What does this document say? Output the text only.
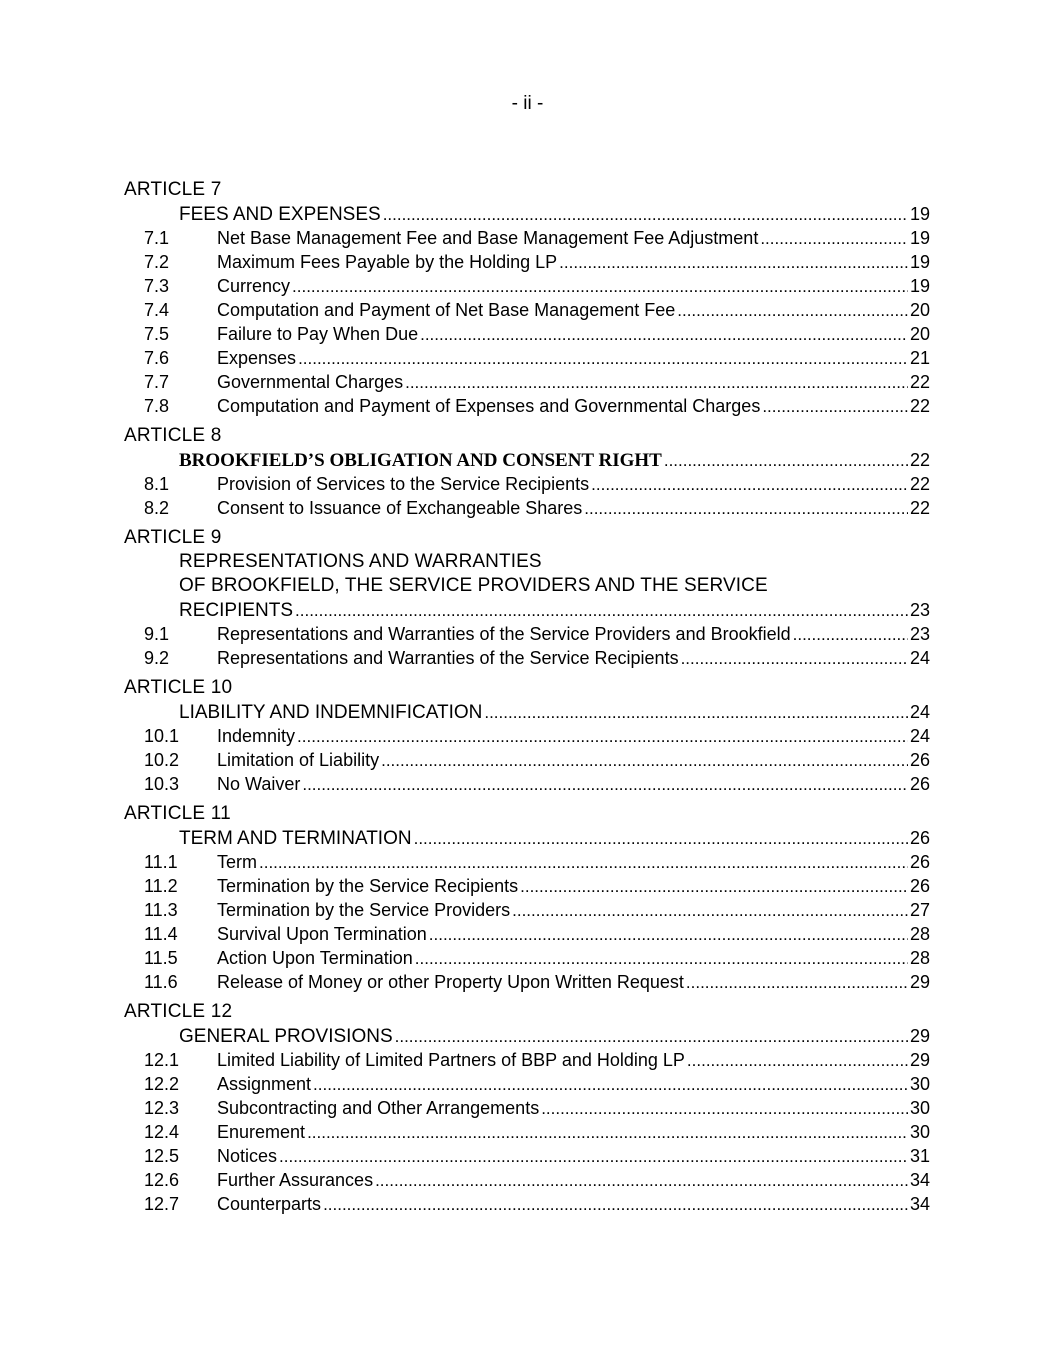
- ii -
ARTICLE 7
FEES AND EXPENSES .....	19
7.1	Net Base Management Fee and Base Management Fee Adjustment .....	19
7.2	Maximum Fees Payable by the Holding LP .....	19
7.3	Currency .....	19
7.4	Computation and Payment of Net Base Management Fee .....	20
7.5	Failure to Pay When Due .....	20
7.6	Expenses .....	21
7.7	Governmental Charges .....	22
7.8	Computation and Payment of Expenses and Governmental Charges .....	22
ARTICLE 8
BROOKFIELD’S OBLIGATION AND CONSENT RIGHT .....	22
8.1	Provision of Services to the Service Recipients .....	22
8.2	Consent to Issuance of Exchangeable Shares .....	22
ARTICLE 9
REPRESENTATIONS AND WARRANTIES
OF BROOKFIELD, THE SERVICE PROVIDERS AND THE SERVICE
RECIPIENTS .....	23
9.1	Representations and Warranties of the Service Providers and Brookfield .....	23
9.2	Representations and Warranties of the Service Recipients .....	24
ARTICLE 10
LIABILITY AND INDEMNIFICATION .....	24
10.1	Indemnity .....	24
10.2	Limitation of Liability .....	26
10.3	No Waiver .....	26
ARTICLE 11
TERM AND TERMINATION .....	26
11.1	Term .....	26
11.2	Termination by the Service Recipients .....	26
11.3	Termination by the Service Providers .....	27
11.4	Survival Upon Termination .....	28
11.5	Action Upon Termination .....	28
11.6	Release of Money or other Property Upon Written Request .....	29
ARTICLE 12
GENERAL PROVISIONS .....	29
12.1	Limited Liability of Limited Partners of BBP and Holding LP .....	29
12.2	Assignment .....	30
12.3	Subcontracting and Other Arrangements .....	30
12.4	Enurement .....	30
12.5	Notices .....	31
12.6	Further Assurances .....	34
12.7	Counterparts .....	34
